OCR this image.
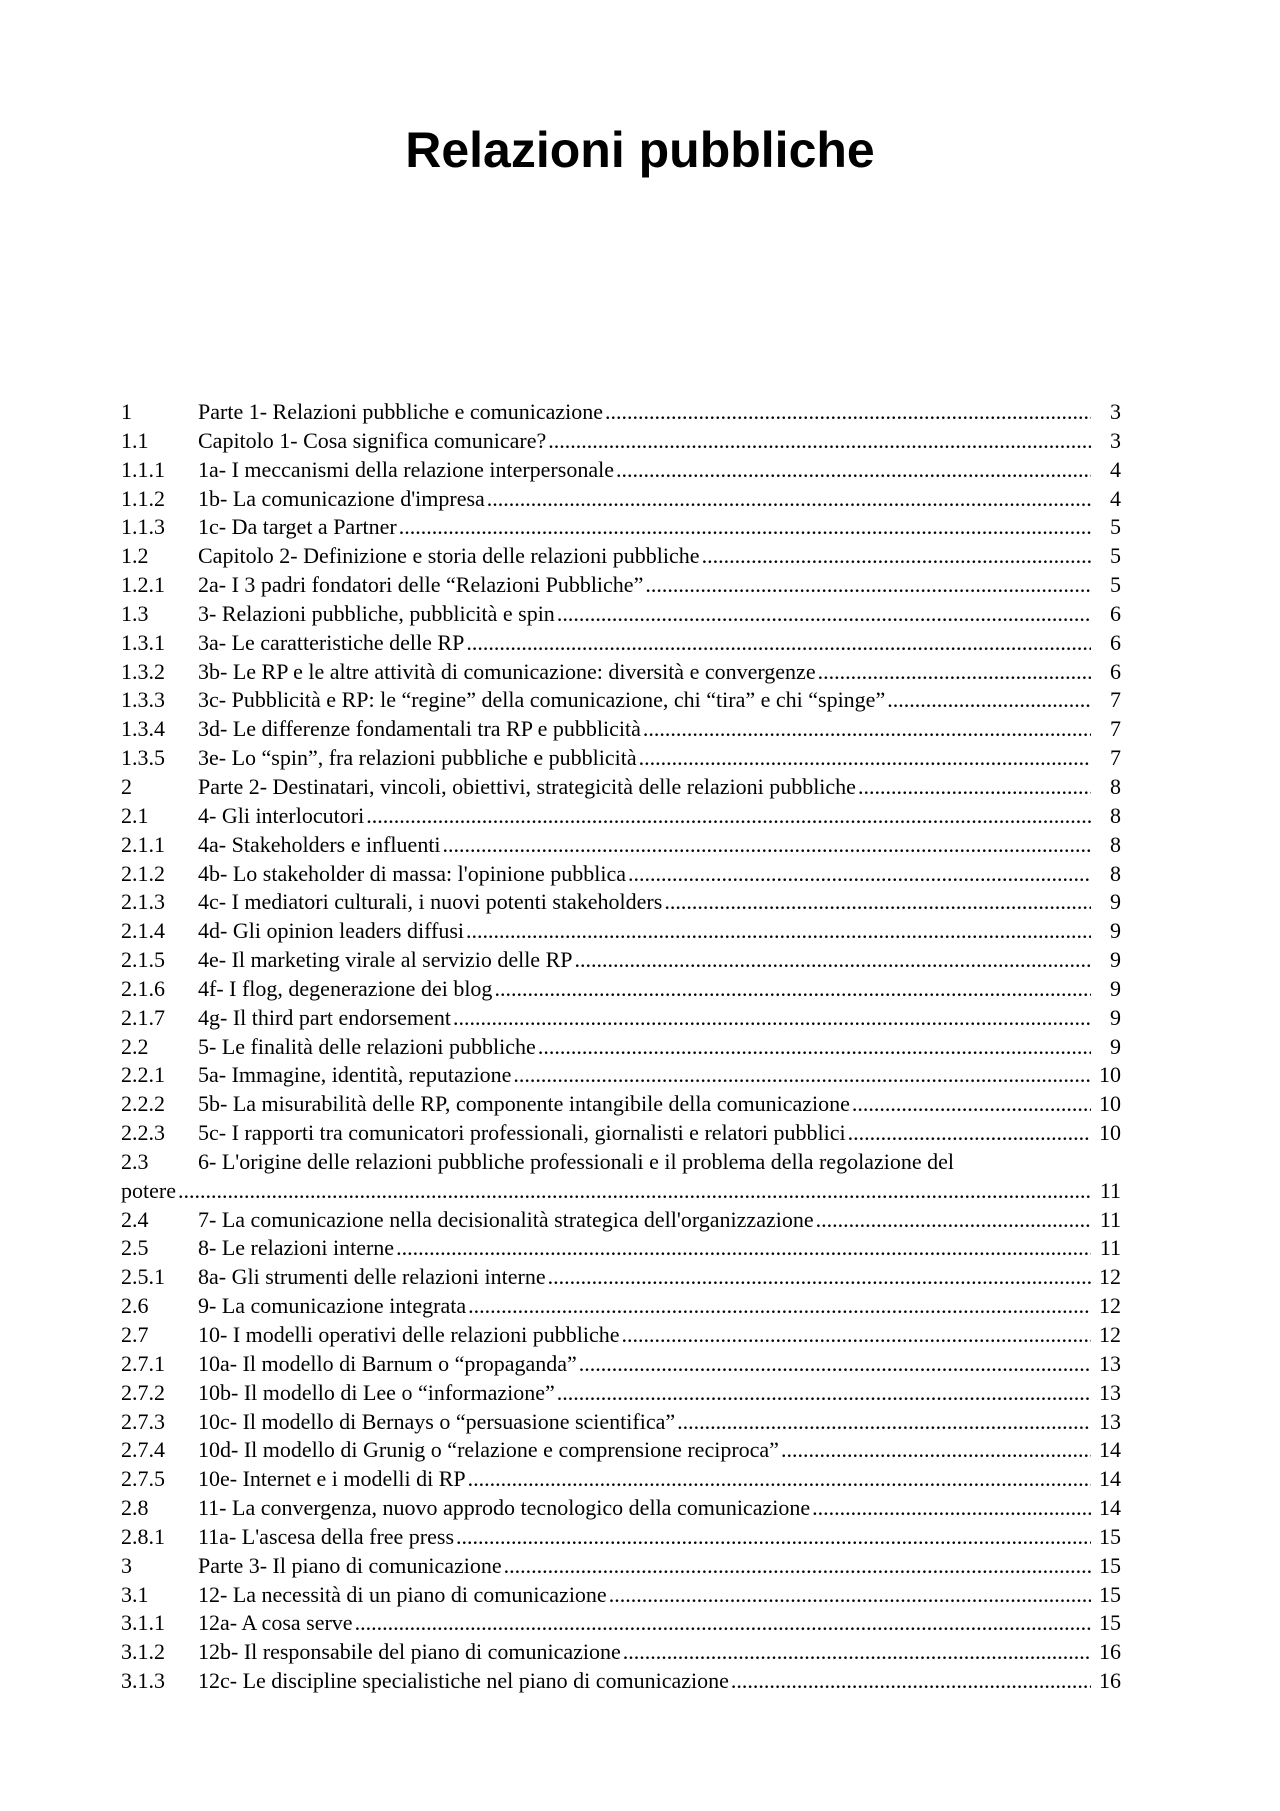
Relazioni pubbliche
1	Parte 1- Relazioni pubbliche e comunicazione .....	3
1.1	Capitolo 1- Cosa significa comunicare? .....	3
1.1.1	1a- I meccanismi della relazione interpersonale .....	4
1.1.2	1b- La comunicazione d'impresa .....	4
1.1.3	1c- Da target a Partner .....	5
1.2	Capitolo 2- Definizione e storia delle relazioni pubbliche .....	5
1.2.1	2a- I 3 padri fondatori delle “Relazioni Pubbliche” .....	5
1.3	3- Relazioni pubbliche, pubblicità e spin .....	6
1.3.1	3a- Le caratteristiche delle RP .....	6
1.3.2	3b- Le RP e le altre attività di comunicazione: diversità e convergenze .....	6
1.3.3	3c- Pubblicità e RP: le “regine” della comunicazione, chi “tira” e chi “spinge” .....	7
1.3.4	3d- Le differenze fondamentali tra RP e pubblicità .....	7
1.3.5	3e- Lo “spin”, fra relazioni pubbliche e pubblicità .....	7
2	Parte 2- Destinatari, vincoli, obiettivi, strategicità delle relazioni pubbliche .....	8
2.1	4- Gli interlocutori .....	8
2.1.1	4a- Stakeholders e influenti .....	8
2.1.2	4b- Lo stakeholder di massa: l'opinione pubblica .....	8
2.1.3	4c- I mediatori culturali, i nuovi potenti stakeholders .....	9
2.1.4	4d- Gli opinion leaders diffusi .....	9
2.1.5	4e- Il marketing virale al servizio delle RP .....	9
2.1.6	4f- I flog, degenerazione dei blog .....	9
2.1.7	4g- Il third part endorsement .....	9
2.2	5- Le finalità delle relazioni pubbliche .....	9
2.2.1	5a- Immagine, identità, reputazione .....	10
2.2.2	5b- La misurabilità delle RP, componente intangibile della comunicazione .....	10
2.2.3	5c- I rapporti tra comunicatori professionali, giornalisti e relatori pubblici .....	10
2.3	6- L'origine delle relazioni pubbliche professionali e il problema della regolazione del
potere .....	11
2.4	7- La comunicazione nella decisionalità strategica dell'organizzazione .....	11
2.5	8- Le relazioni interne .....	11
2.5.1	8a- Gli strumenti delle relazioni interne .....	12
2.6	9- La comunicazione integrata .....	12
2.7	10- I modelli operativi delle relazioni pubbliche .....	12
2.7.1	10a- Il modello di Barnum o “propaganda” .....	13
2.7.2	10b- Il modello di Lee o “informazione” .....	13
2.7.3	10c- Il modello di Bernays o “persuasione scientifica” .....	13
2.7.4	10d- Il modello di Grunig o “relazione e comprensione reciproca” .....	14
2.7.5	10e- Internet e i modelli di RP .....	14
2.8	11- La convergenza, nuovo approdo tecnologico della comunicazione .....	14
2.8.1	11a- L'ascesa della free press .....	15
3	Parte 3- Il piano di comunicazione .....	15
3.1	12- La necessità di un piano di comunicazione .....	15
3.1.1	12a- A cosa serve .....	15
3.1.2	12b- Il responsabile del piano di comunicazione .....	16
3.1.3	12c- Le discipline specialistiche nel piano di comunicazione .....	16
